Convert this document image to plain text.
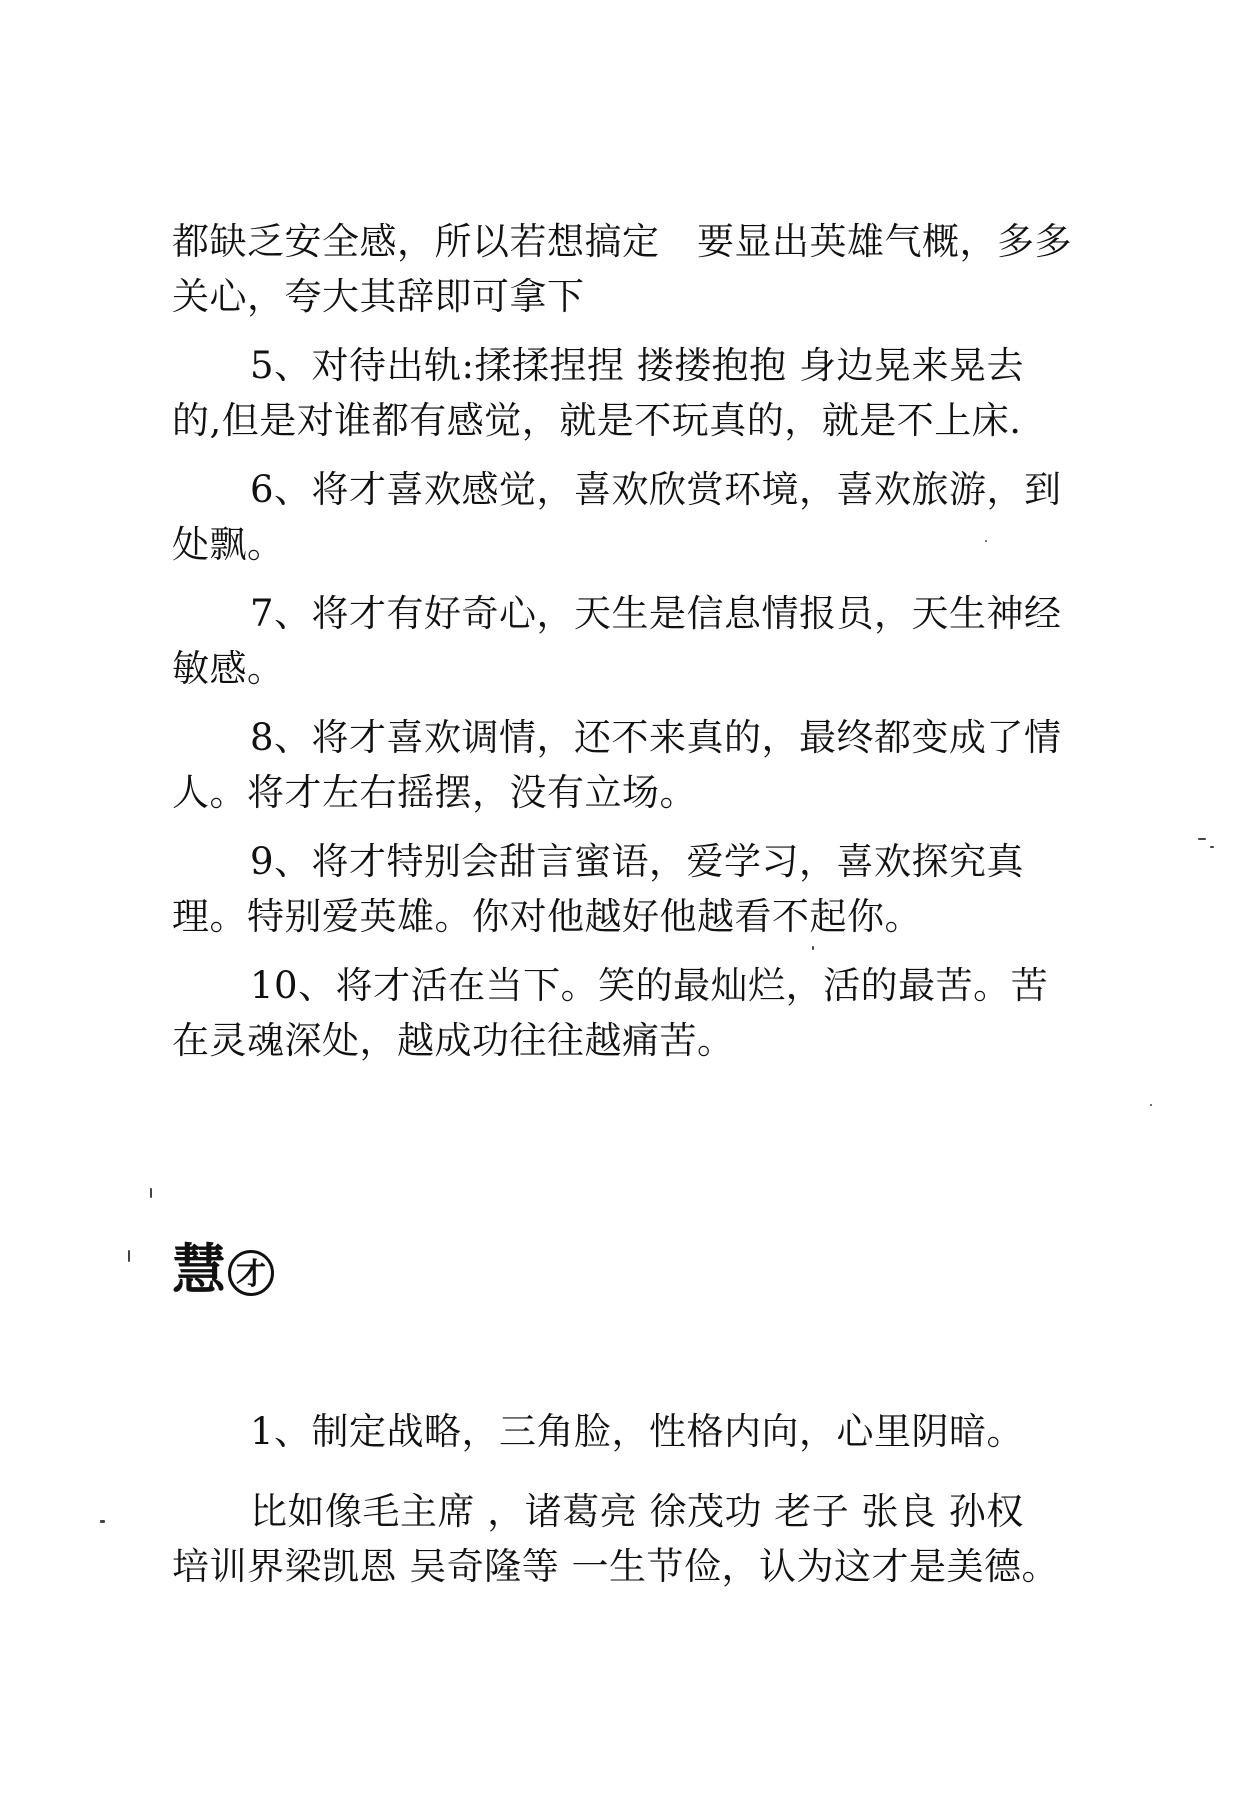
都缺乏安全感，所以若想搞定　要显出英雄气概，多多关心，夸大其辞即可拿下

5、对待出轨:揉揉捏捏 搂搂抱抱 身边晃来晃去的,但是对谁都有感觉，就是不玩真的，就是不上床.

6、将才喜欢感觉，喜欢欣赏环境，喜欢旅游，到处飘。

7、将才有好奇心，天生是信息情报员，天生神经敏感。

8、将才喜欢调情，还不来真的，最终都变成了情人。将才左右摇摆，没有立场。

9、将才特别会甜言蜜语，爱学习，喜欢探究真理。特别爱英雄。你对他越好他越看不起你。

10、将才活在当下。笑的最灿烂，活的最苦。苦在灵魂深处，越成功往往越痛苦。

慧 才

1、制定战略，三角脸，性格内向，心里阴暗。

比如像毛主席 ，诸葛亮 徐茂功 老子 张良 孙权 培训界梁凯恩 吴奇隆等 一生节俭，认为这才是美德。
